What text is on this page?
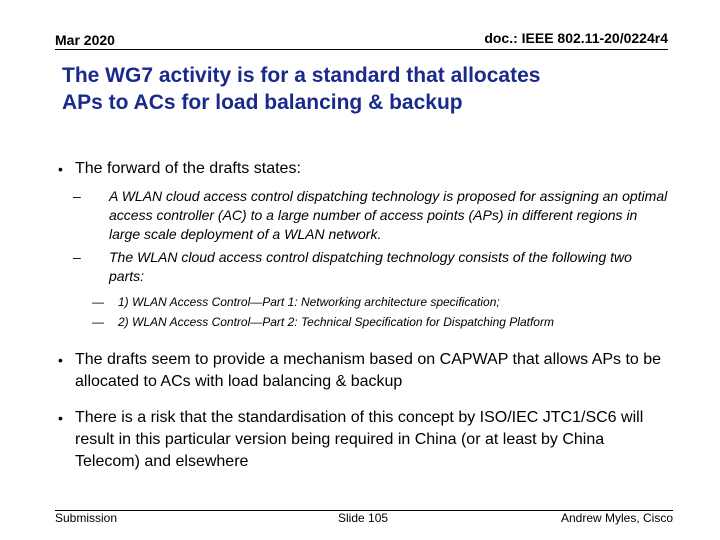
Mar 2020	doc.: IEEE 802.11-20/0224r4
The WG7 activity is for a standard that allocates
APs to ACs for load balancing & backup
• The forward of the drafts states:
– A WLAN cloud access control dispatching technology is proposed for assigning an optimal access controller (AC) to a large number of access points (APs) in different regions in large scale deployment of a WLAN network.
– The WLAN cloud access control dispatching technology consists of the following two parts:
— 1) WLAN Access Control—Part 1: Networking architecture specification;
— 2) WLAN Access Control—Part 2: Technical Specification for Dispatching Platform
• The drafts seem to provide a mechanism based on CAPWAP that allows APs to be allocated to ACs with load balancing & backup
• There is a risk that the standardisation of this concept by ISO/IEC JTC1/SC6 will result in this particular version being required in China (or at least by China Telecom) and elsewhere
Submission	Slide 105	Andrew Myles, Cisco
